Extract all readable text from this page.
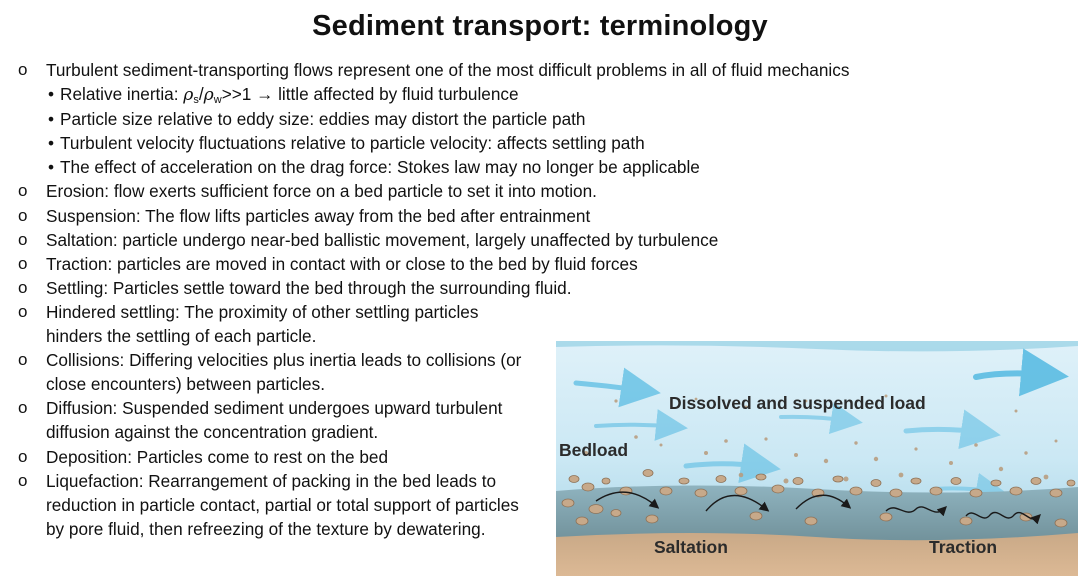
Sediment transport: terminology
o	Turbulent sediment-transporting flows represent one of the most difficult problems in all of fluid mechanics
• Relative inertia: $\rho_s/\rho_w>>1$ → little affected by fluid turbulence
• Particle size relative to eddy size: eddies may distort the particle path
• Turbulent velocity fluctuations relative to particle velocity: affects settling path
• The effect of acceleration on the drag force: Stokes law may no longer be applicable
o	Erosion: flow exerts sufficient force on a bed particle to set it into motion.
o	Suspension: The flow lifts particles away from the bed after entrainment
o	Saltation: particle undergo near-bed ballistic movement, largely unaffected by turbulence
o	Traction: particles are moved in contact with or close to the bed by fluid forces
o	Settling: Particles settle toward the bed through the surrounding fluid.
o	Hindered settling: The proximity of other settling particles hinders the settling of each particle.
o	Collisions: Differing velocities plus inertia leads to collisions (or close encounters) between particles.
o	Diffusion: Suspended sediment undergoes upward turbulent diffusion against the concentration gradient.
o	Deposition: Particles come to rest on the bed
o	Liquefaction: Rearrangement of packing in the bed leads to reduction in particle contact, partial or total support of particles by pore fluid, then refreezing of the texture by dewatering.
Dissolved and suspended load
Bedload
Saltation	Traction
